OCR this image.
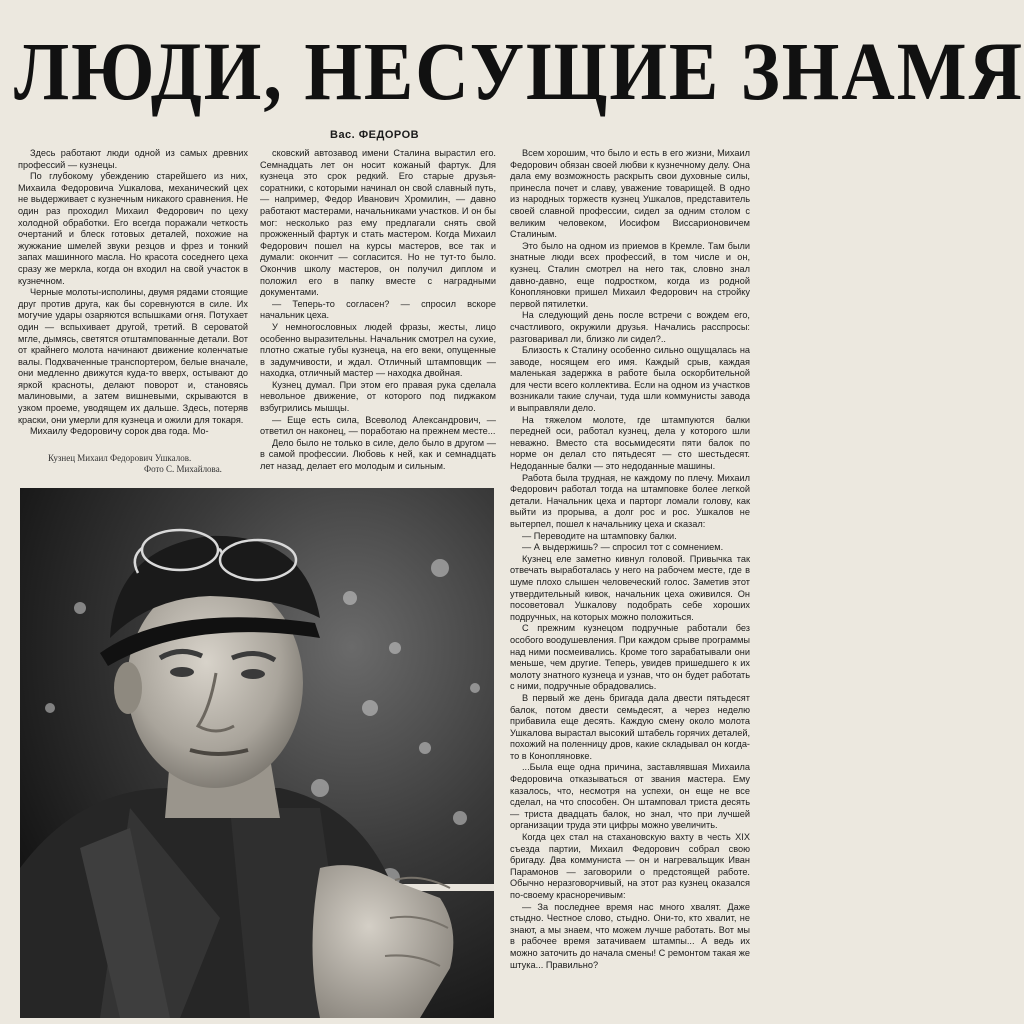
ЛЮДИ, НЕСУЩИЕ ЗНАМЯ
Вас. ФЕДОРОВ

Здесь работают люди одной из самых древних профессий — кузнецы.

По глубокому убеждению старейшего из них, Михаила Федоровича Ушкалова, механический цех не выдерживает с кузнечным никакого сравнения. Не один раз проходил Михаил Федорович по цеху холодной обработки. Его всегда поражали четкость очертаний и блеск готовых деталей, похожие на жужжание шмелей звуки резцов и фрез и тонкий запах машинного масла. Но красота соседнего цеха сразу же меркла, когда он входил на свой участок в кузнечном.

Черные молоты-исполины, двумя рядами стоящие друг против друга, как бы соревнуются в силе. Их могучие удары озаряются вспышками огня. Потухает один — вспыхивает другой, третий. В сероватой мгле, дымясь, светятся отштампованные детали. Вот от крайнего молота начинают движение коленчатые валы. Подхваченные транспортером, белые вначале, они медленно движутся куда-то вверх, остывают до яркой красноты, делают поворот и, становясь малиновыми, а затем вишневыми, скрываются в узком проеме, уводящем их дальше. Здесь, потеряв краски, они умерли для кузнеца и ожили для токаря.

Михаилу Федоровичу сорок два года. Мо-

Кузнец Михаил Федорович Ушкалов.
Фото С. Михайлова.

сковский автозавод имени Сталина вырастил его. Семнадцать лет он носит кожаный фартук. Для кузнеца это срок редкий. Его старые друзья-соратники, с которыми начинал он свой славный путь, — например, Федор Иванович Хромилин, — давно работают мастерами, начальниками участков. И он бы мог: несколько раз ему предлагали снять свой прожженный фартук и стать мастером. Когда Михаил Федорович пошел на курсы мастеров, все так и думали: окончит — согласится. Но не тут-то было. Окончив школу мастеров, он получил диплом и положил его в папку вместе с наградными документами.

— Теперь-то согласен? — спросил вскоре начальник цеха.

У немногословных людей фразы, жесты, лицо особенно выразительны. Начальник смотрел на сухие, плотно сжатые губы кузнеца, на его веки, опущенные в задумчивости, и ждал. Отличный штамповщик — находка, отличный мастер — находка двойная.

Кузнец думал. При этом его правая рука сделала невольное движение, от которого под пиджаком взбугрились мышцы.

— Еще есть сила, Всеволод Александрович, — ответил он наконец, — поработаю на прежнем месте...

Дело было не только в силе, дело было в другом — в самой профессии. Любовь к ней, как и семнадцать лет назад, делает его молодым и сильным.

Всем хорошим, что было и есть в его жизни, Михаил Федорович обязан своей любви к кузнечному делу. Она дала ему возможность раскрыть свои духовные силы, принесла почет и славу, уважение товарищей. В одно из народных торжеств кузнец Ушкалов, представитель своей славной профессии, сидел за одним столом с великим человеком, Иосифом Виссарионовичем Сталиным.

Это было на одном из приемов в Кремле. Там были знатные люди всех профессий, в том числе и он, кузнец. Сталин смотрел на него так, словно знал давно-давно, еще подростком, когда из родной Конопляновки пришел Михаил Федорович на стройку первой пятилетки.

На следующий день после встречи с вождем его, счастливого, окружили друзья. Начались расспросы: разговаривал ли, близко ли сидел?..

Близость к Сталину особенно сильно ощущалась на заводе, носящем его имя. Каждый срыв, каждая маленькая задержка в работе была оскорбительной для чести всего коллектива. Если на одном из участков возникали такие случаи, туда шли коммунисты завода и выправляли дело.

На тяжелом молоте, где штампуются балки передней оси, работал кузнец, дела у которого шли неважно. Вместо ста восьмидесяти пяти балок по норме он делал сто пятьдесят — сто шестьдесят. Недоданные балки — это недоданные машины.

Работа была трудная, не каждому по плечу. Михаил Федорович работал тогда на штамповке более легкой детали. Начальник цеха и парторг ломали голову, как выйти из прорыва, а долг рос и рос. Ушкалов не вытерпел, пошел к начальнику цеха и сказал:

— Переводите на штамповку балки.

— А выдержишь? — спросил тот с сомнением.

Кузнец еле заметно кивнул головой. Привычка так отвечать выработалась у него на рабочем месте, где в шуме плохо слышен человеческий голос. Заметив этот утвердительный кивок, начальник цеха оживился. Он посоветовал Ушкалову подобрать себе хороших подручных, на которых можно положиться.

С прежним кузнецом подручные работали без особого воодушевления. При каждом срыве программы над ними посмеивались. Кроме того зарабатывали они меньше, чем другие. Теперь, увидев пришедшего к их молоту знатного кузнеца и узнав, что он будет работать с ними, подручные обрадовались.

В первый же день бригада дала двести пятьдесят балок, потом двести семьдесят, а через неделю прибавила еще десять. Каждую смену около молота Ушкалова вырастал высокий штабель горячих деталей, похожий на поленницу дров, какие складывал он когда-то в Конопляновке.

...Была еще одна причина, заставлявшая Михаила Федоровича отказываться от звания мастера. Ему казалось, что, несмотря на успехи, он еще не все сделал, на что способен. Он штамповал триста десять — триста двадцать балок, но знал, что при лучшей организации труда эти цифры можно увеличить.

Когда цех стал на стахановскую вахту в честь XIX съезда партии, Михаил Федорович собрал свою бригаду. Два коммуниста — он и нагревальщик Иван Парамонов — заговорили о предстоящей работе. Обычно неразговорчивый, на этот раз кузнец оказался по-своему красноречивым:

— За последнее время нас много хвалят. Даже стыдно. Честное слово, стыдно. Они-то, кто хвалит, не знают, а мы знаем, что можем лучше работать. Вот мы в рабочее время затачиваем штампы... А ведь их можно заточить до начала смены! С ремонтом такая же штука... Правильно?
